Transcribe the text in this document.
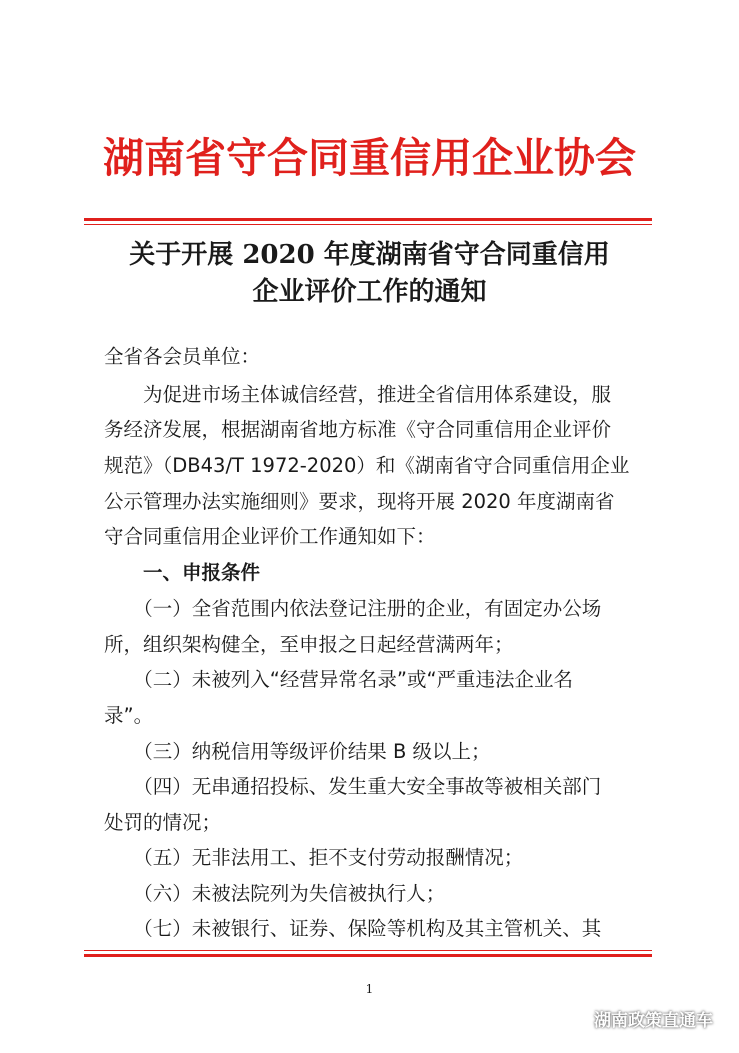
湖南省守合同重信用企业协会
关于开展 2020 年度湖南省守合同重信用
企业评价工作的通知
全省各会员单位：
　　为促进市场主体诚信经营，推进全省信用体系建设，服
务经济发展，根据湖南省地方标准《守合同重信用企业评价
规范》（DB43/T 1972-2020）和《湖南省守合同重信用企业
公示管理办法实施细则》要求，现将开展 2020 年度湖南省
守合同重信用企业评价工作通知如下：
　　一、申报条件
　　（一）全省范围内依法登记注册的企业，有固定办公场
所，组织架构健全，至申报之日起经营满两年；
　　（二）未被列入“经营异常名录”或“严重违法企业名
录”。
　　（三）纳税信用等级评价结果 B 级以上；
　　（四）无串通招投标、发生重大安全事故等被相关部门
处罚的情况；
　　（五）无非法用工、拒不支付劳动报酬情况；
　　（六）未被法院列为失信被执行人；
　　（七）未被银行、证券、保险等机构及其主管机关、其
1
湖南政策直通车
